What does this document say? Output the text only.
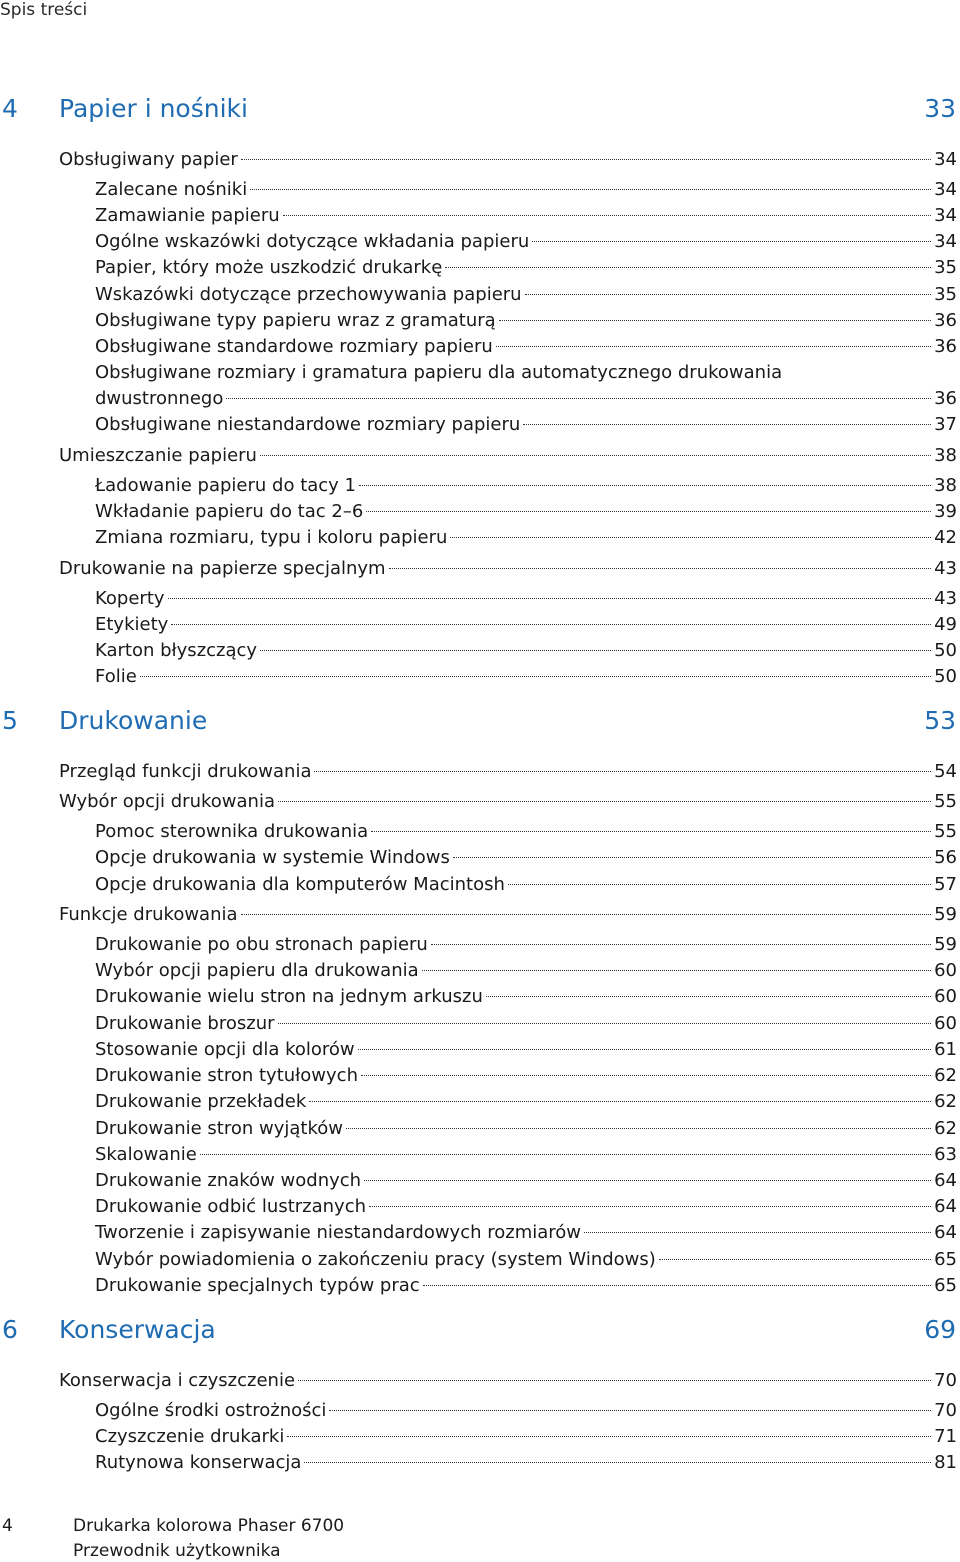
Spis treści
4 Papier i nośniki	33
Obsługiwany papier	34
Zalecane nośniki	34
Zamawianie papieru	34
Ogólne wskazówki dotyczące wkładania papieru	34
Papier, który może uszkodzić drukarkę	35
Wskazówki dotyczące przechowywania papieru	35
Obsługiwane typy papieru wraz z gramaturą	36
Obsługiwane standardowe rozmiary papieru	36
Obsługiwane rozmiary i gramatura papieru dla automatycznego drukowania
dwustronnego	36
Obsługiwane niestandardowe rozmiary papieru	37
Umieszczanie papieru	38
Ładowanie papieru do tacy 1	38
Wkładanie papieru do tac 2–6	39
Zmiana rozmiaru, typu i koloru papieru	42
Drukowanie na papierze specjalnym	43
Koperty	43
Etykiety	49
Karton błyszczący	50
Folie	50
5 Drukowanie	53
Przegląd funkcji drukowania	54
Wybór opcji drukowania	55
Pomoc sterownika drukowania	55
Opcje drukowania w systemie Windows	56
Opcje drukowania dla komputerów Macintosh	57
Funkcje drukowania	59
Drukowanie po obu stronach papieru	59
Wybór opcji papieru dla drukowania	60
Drukowanie wielu stron na jednym arkuszu	60
Drukowanie broszur	60
Stosowanie opcji dla kolorów	61
Drukowanie stron tytułowych	62
Drukowanie przekładek	62
Drukowanie stron wyjątków	62
Skalowanie	63
Drukowanie znaków wodnych	64
Drukowanie odbić lustrzanych	64
Tworzenie i zapisywanie niestandardowych rozmiarów	64
Wybór powiadomienia o zakończeniu pracy (system Windows)	65
Drukowanie specjalnych typów prac	65
6 Konserwacja	69
Konserwacja i czyszczenie	70
Ogólne środki ostrożności	70
Czyszczenie drukarki	71
Rutynowa konserwacja	81
4	Drukarka kolorowa Phaser 6700
Przewodnik użytkownika
